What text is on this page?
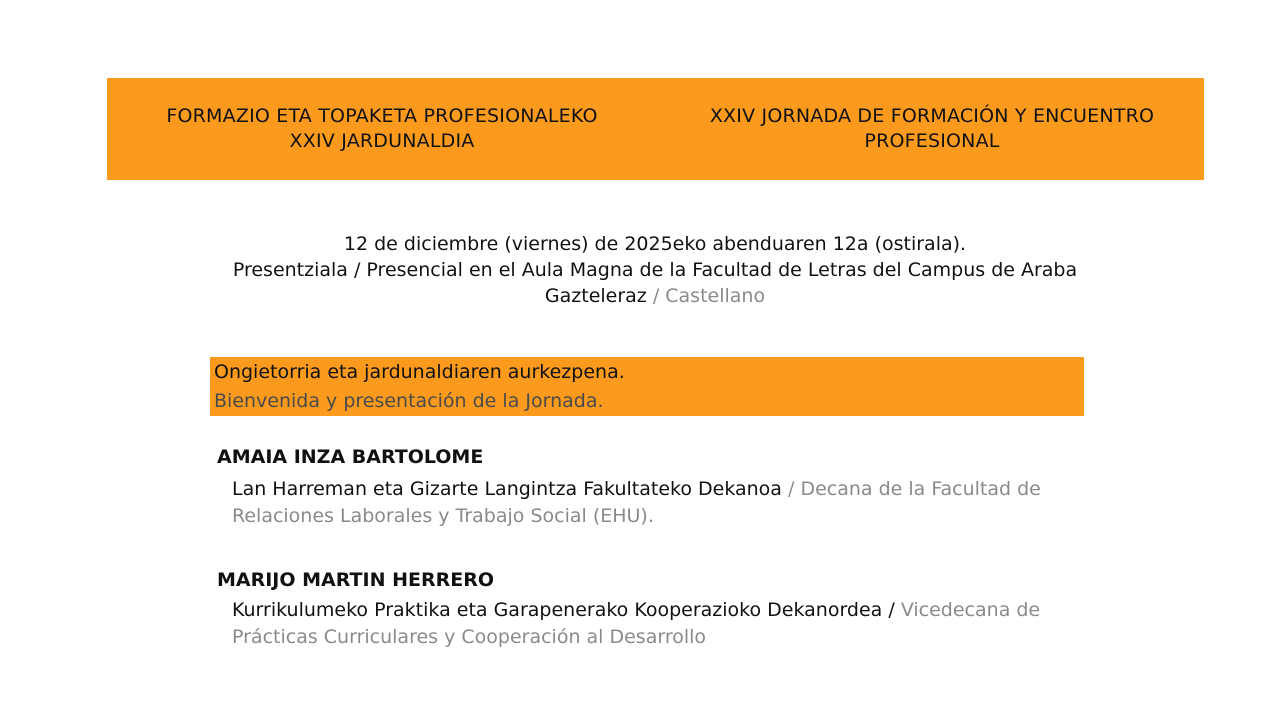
FORMAZIO ETA TOPAKETA PROFESIONALEKO
XXIV JARDUNALDIA
XXIV JORNADA DE FORMACIÓN Y ENCUENTRO
PROFESIONAL
12 de diciembre (viernes) de 2025eko abenduaren 12a (ostirala).
Presentziala / Presencial en el Aula Magna de la Facultad de Letras del Campus de Araba
Gazteleraz / Castellano
Ongietorria eta jardunaldiaren aurkezpena.
Bienvenida y presentación de la Jornada.
AMAIA INZA BARTOLOME
Lan Harreman eta Gizarte Langintza Fakultateko Dekanoa / Decana de la Facultad de Relaciones Laborales y Trabajo Social (EHU).
MARIJO MARTIN HERRERO
Kurrikulumeko Praktika eta Garapenerako Kooperazioko Dekanordea / Vicedecana de Prácticas Curriculares y Cooperación al Desarrollo
